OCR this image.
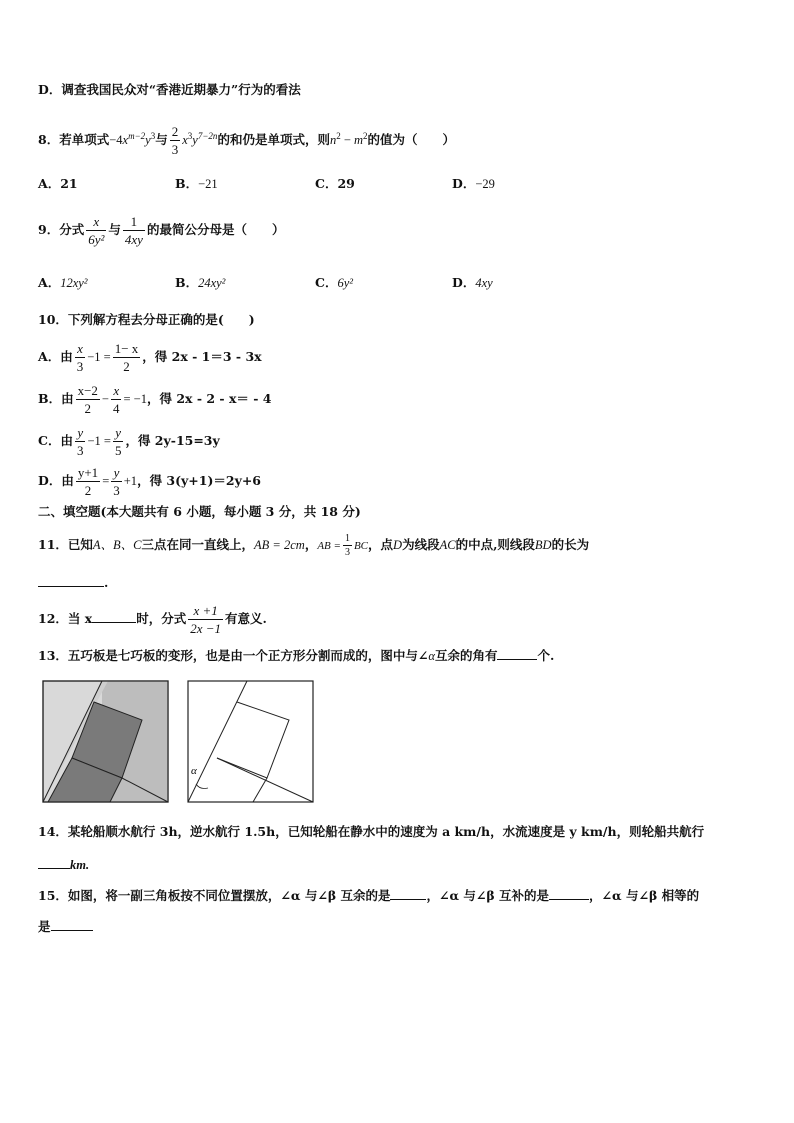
D．调查我国民众对“香港近期暴力”行为的看法
8．若单项式$-4x^{m-2}y^3$与 $\frac{2}{3} x^3y^{7-2n}$的和仍是单项式，则$n^2 - m^2$的值为（　　）
A．21	B．−21	C．29	D．−29
9．分式 $\frac{x}{\text{6y²}}$ 与 $\frac{1}{4xy}$ 的最简公分母是（　　）
A．12xy²	B．24xy²	C．6y²	D．4xy
10．下列解方程去分母正确的是(　　)
A．由 $\frac{x}{3} -1 = \frac{1- x}{2}$ ，得 2x - 1＝3 - 3x
B．由 $\frac{x-2}{2} - \frac{x}{4} = -1$，得 2x - 2 - x＝ - 4
C．由 $\frac{y}{3} -1 = \frac{y}{5}$ ，得 2y-15=3y
D．由 $\frac{y+1}{2} = \frac{y}{3} +1$，得 3(y+1)＝2y+6
二、填空题(本大题共有 6 小题，每小题 3 分，共 18 分)
11．已知A、B、C三点在同一直线上，AB = 2cm，AB = $\frac{1}{3}$ BC，点D为线段AC的中点,则线段BD的长为
.
12．当 x	时，分式 $\frac{x +1}{2x -1}$ 有意义.
13．五巧板是七巧板的变形，也是由一个正方形分割而成的，图中与∠α互余的角有	个.
α
14．某轮船顺水航行 3h，逆水航行 1.5h，已知轮船在静水中的速度为 a km/h，水流速度是 y km/h，则轮船共航行
km.
15．如图，将一副三角板按不同位置摆放，∠α 与∠β 互余的是	，∠α 与∠β 互补的是	，∠α 与∠β 相等的
是
